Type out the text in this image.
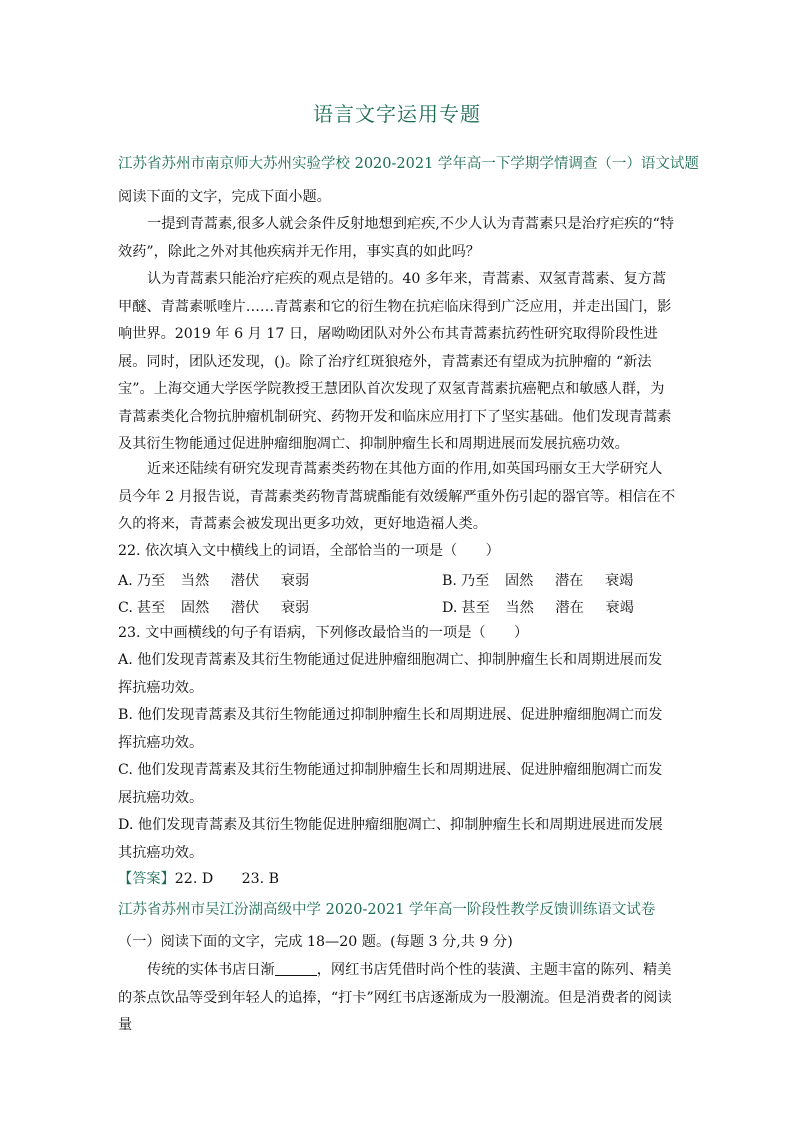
语言文字运用专题
江苏省苏州市南京师大苏州实验学校 2020-2021 学年高一下学期学情调查（一）语文试题

阅读下面的文字，完成下面小题。

一提到青蒿素,很多人就会条件反射地想到疟疾,不少人认为青蒿素只是治疗疟疾的“特效药”，除此之外对其他疾病并无作用，事实真的如此吗？

认为青蒿素只能治疗疟疾的观点是错的。40 多年来，青蒿素、双氢青蒿素、复方蒿甲醚、青蒿素哌喹片……青蒿素和它的衍生物在抗疟临床得到广泛应用，并走出国门，影响世界。2019 年 6 月 17 日，屠呦呦团队对外公布其青蒿素抗药性研究取得阶段性进展。同时，团队还发现，()。除了治疗红斑狼疮外，青蒿素还有望成为抗肿瘤的 “新法宝”。上海交通大学医学院教授王慧团队首次发现了双氢青蒿素抗癌靶点和敏感人群，为青蒿素类化合物抗肿瘤机制研究、药物开发和临床应用打下了坚实基础。他们发现青蒿素及其衍生物能通过促进肿瘤细胞凋亡、抑制肿瘤生长和周期进展而发展抗癌功效。

近来还陆续有研究发现青蒿素类药物在其他方面的作用,如英国玛丽女王大学研究人员今年 2 月报告说，青蒿素类药物青蒿琥酯能有效缓解严重外伤引起的器官等。相信在不久的将来，青蒿素会被发现出更多功效，更好地造福人类。

22. 依次填入文中横线上的词语，全部恰当的一项是（　　）

A. 乃至 当然 潜伏 衰弱	B. 乃至 固然 潜在 衰竭
C. 甚至 固然 潜伏 衰弱	D. 甚至 当然 潜在 衰竭

23. 文中画横线的句子有语病，下列修改最恰当的一项是（　　）

A. 他们发现青蒿素及其衍生物能通过促进肿瘤细胞凋亡、抑制肿瘤生长和周期进展而发挥抗癌功效。

B. 他们发现青蒿素及其衍生物能通过抑制肿瘤生长和周期进展、促进肿瘤细胞凋亡而发挥抗癌功效。

C. 他们发现青蒿素及其衍生物能通过抑制肿瘤生长和周期进展、促进肿瘤细胞凋亡而发展抗癌功效。

D. 他们发现青蒿素及其衍生物能促进肿瘤细胞凋亡、抑制肿瘤生长和周期进展进而发展其抗癌功效。

【答案】22. D　　23. B

江苏省苏州市吴江汾湖高级中学 2020-2021 学年高一阶段性教学反馈训练语文试卷

（一）阅读下面的文字，完成 18—20 题。(每题 3 分,共 9 分)

传统的实体书店日渐	，网红书店凭借时尚个性的装潢、主题丰富的陈列、精美的茶点饮品等受到年轻人的追捧，“打卡”网红书店逐渐成为一股潮流。但是消费者的阅读量
